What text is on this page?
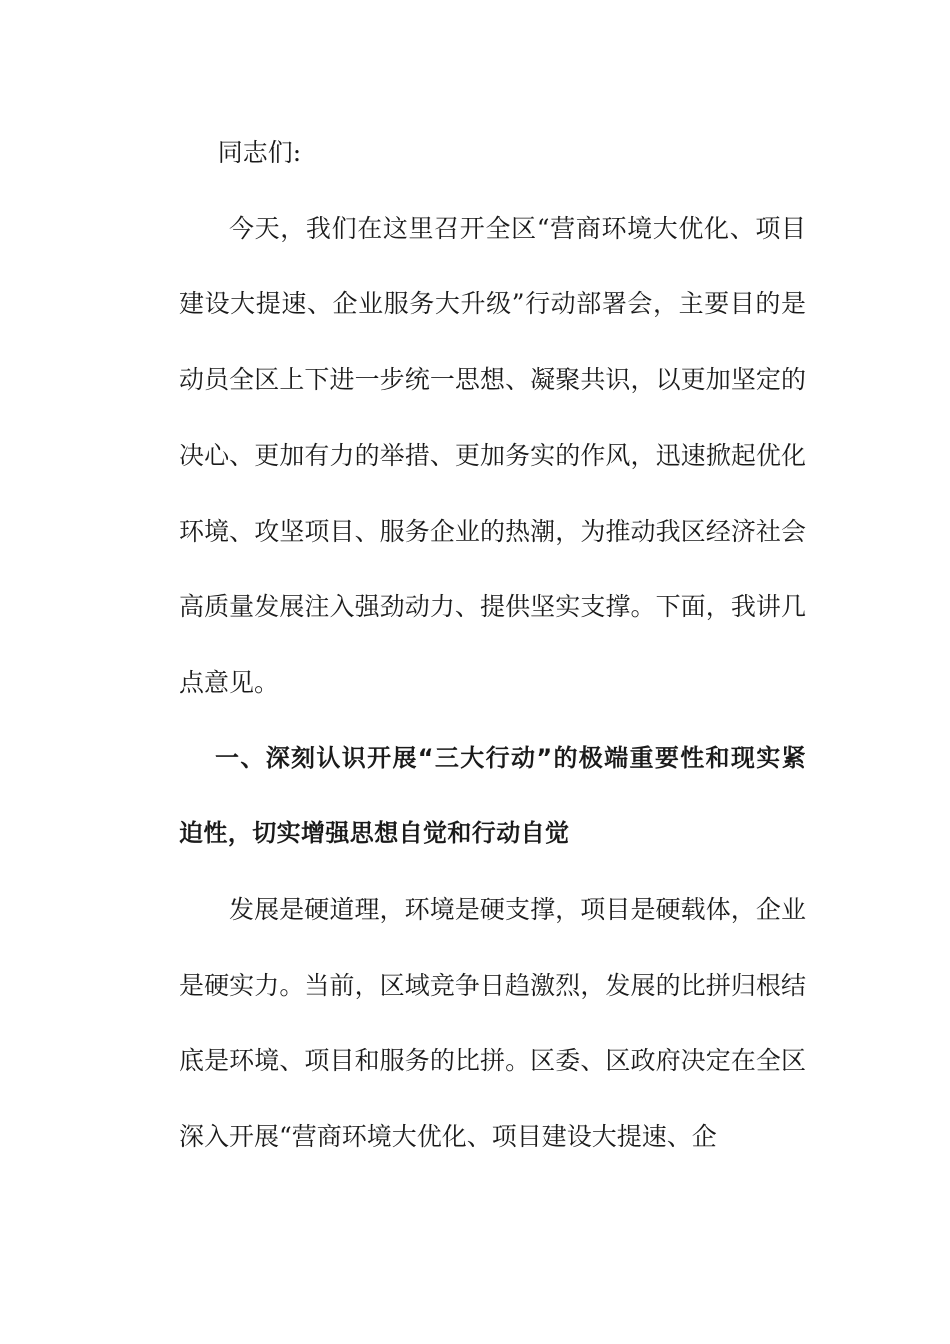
同志们:

今天，我们在这里召开全区“营商环境大优化、项目建设大提速、企业服务大升级”行动部署会，主要目的是动员全区上下进一步统一思想、凝聚共识，以更加坚定的决心、更加有力的举措、更加务实的作风，迅速掀起优化环境、攻坚项目、服务企业的热潮，为推动我区经济社会高质量发展注入强劲动力、提供坚实支撑。下面，我讲几点意见。

一、深刻认识开展“三大行动”的极端重要性和现实紧迫性，切实增强思想自觉和行动自觉

发展是硬道理，环境是硬支撑，项目是硬载体，企业是硬实力。当前，区域竞争日趋激烈，发展的比拼归根结底是环境、项目和服务的比拼。区委、区政府决定在全区深入开展“营商环境大优化、项目建设大提速、企
